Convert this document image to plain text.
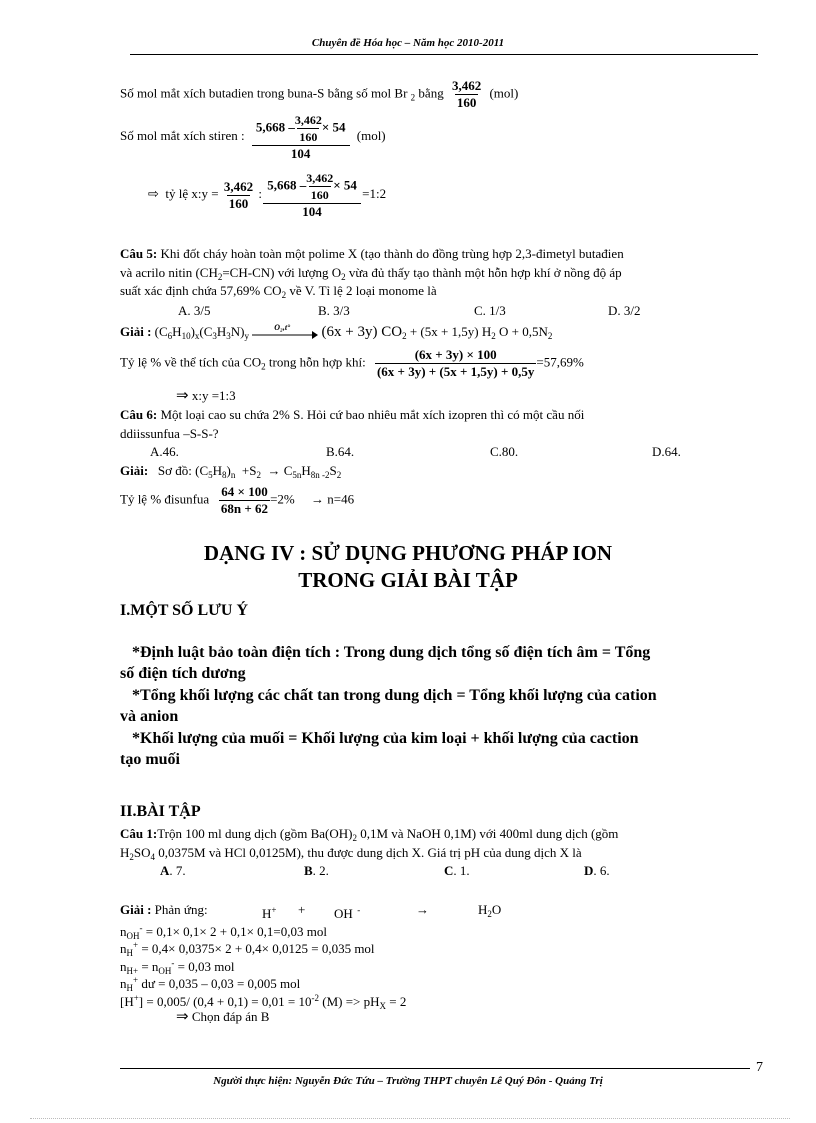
Chuyên đề Hóa học – Năm học 2010-2011
Số mol mắt xích butadien trong buna-S bằng số mol Br $_2$ bằng $\frac{3,462}{160} (mol)$
Số mol mắt xích stiren : $\frac{5,668 - \frac{3,462}{160} \times 54}{104} (mol)$
⇨ tỷ lệ x:y = $\frac{3,462}{160}$ : $\frac{5,668 - \frac{3,462}{160} \times 54}{104}$ =1:2
Câu 5: Khi đốt cháy hoàn toàn một polime X (tạo thành do đồng trùng hợp 2,3-đimetyl butađien
và acrilo nitin $(CH_2=CH-CN)$ với lượng $O_2$ vừa đủ thấy tạo thành một hỗn hợp khí ở nồng độ áp
suất xác định chứa 57,69% $CO_2$ về V. Tỉ lệ 2 loại monome là
A. 3/5	B. 3/3	C. 1/3	D. 3/2
Giải : $(C_6H_{10})_x(C_3H_3N)_y$
O₂,t° (6x + 3y) $CO_2 + (5x + 1,5y)$ $H_2$ $O + 0,5N_2$
Tỷ lệ % về thể tích của $CO_2$ trong hỗn hợp khí: $\frac{(6x + 3y) \times 100}{(6x + 3y) + (5x + 1,5y) + 0,5y} =57,69\%$
⇒ x:y =1:3
Câu 6: Một loại cao su chứa 2% S. Hỏi cứ bao nhiêu mắt xích izopren thì có một cầu nối
ddiissunfua –S-S-?
A.46.	B.64.	C.80.	D.64.
Giải: Sơ đồ: $(C_5H_8)_n +S_2 \to C_{5n}H_{8n -2}S_2$
Tỷ lệ % đisunfua $\frac{64 \times 100}{68n + 62} =2\% \to n=46$
DẠNG IV : SỬ DỤNG PHƯƠNG PHÁP ION
TRONG GIẢI BÀI TẬP
I.MỘT SỐ LƯU Ý
*Định luật bảo toàn điện tích : Trong dung dịch tổng số điện tích âm = Tổng
số điện tích dương
*Tổng khối lượng các chất tan trong dung dịch = Tổng khối lượng của cation
và anion
*Khối lượng của muối = Khối lượng của kim loại + khối lượng của caction
tạo muối
II.BÀI TẬP
Câu 1:Trộn 100 ml dung dịch (gồm $Ba(OH)_2$ 0,1M và NaOH 0,1M) với 400ml dung dịch (gồm
$H_2SO_4$ 0,0375M và HCl 0,0125M), thu được dung dịch X. Giá trị pH của dung dịch X là
A. 7.	B. 2.	C. 1.	D. 6.
Giải : Phản ứng:	H+ + OH  -	→	$H_2O$
$n_{OH}^- = 0,1\times 0,1\times 2 + 0,1\times 0,1=0,03$ mol
$n_H^+ = 0,4\times 0,0375\times 2 + 0,4\times 0,0125 = 0,035$ mol
$n_{H+} = n_{OH}^- = 0,03$ mol
$n_H^+$ dư = 0,035 – 0,03 = 0,005 mol
[H+] = 0,005/ $(0,4 + 0,1) = 0,01 = 10^{-2}$ $(M) => pH_X = 2$
⇒ Chọn đáp án B
7
Người thực hiện: Nguyễn Đức Tứu – Trường THPT chuyên Lê Quý Đôn - Quảng Trị
